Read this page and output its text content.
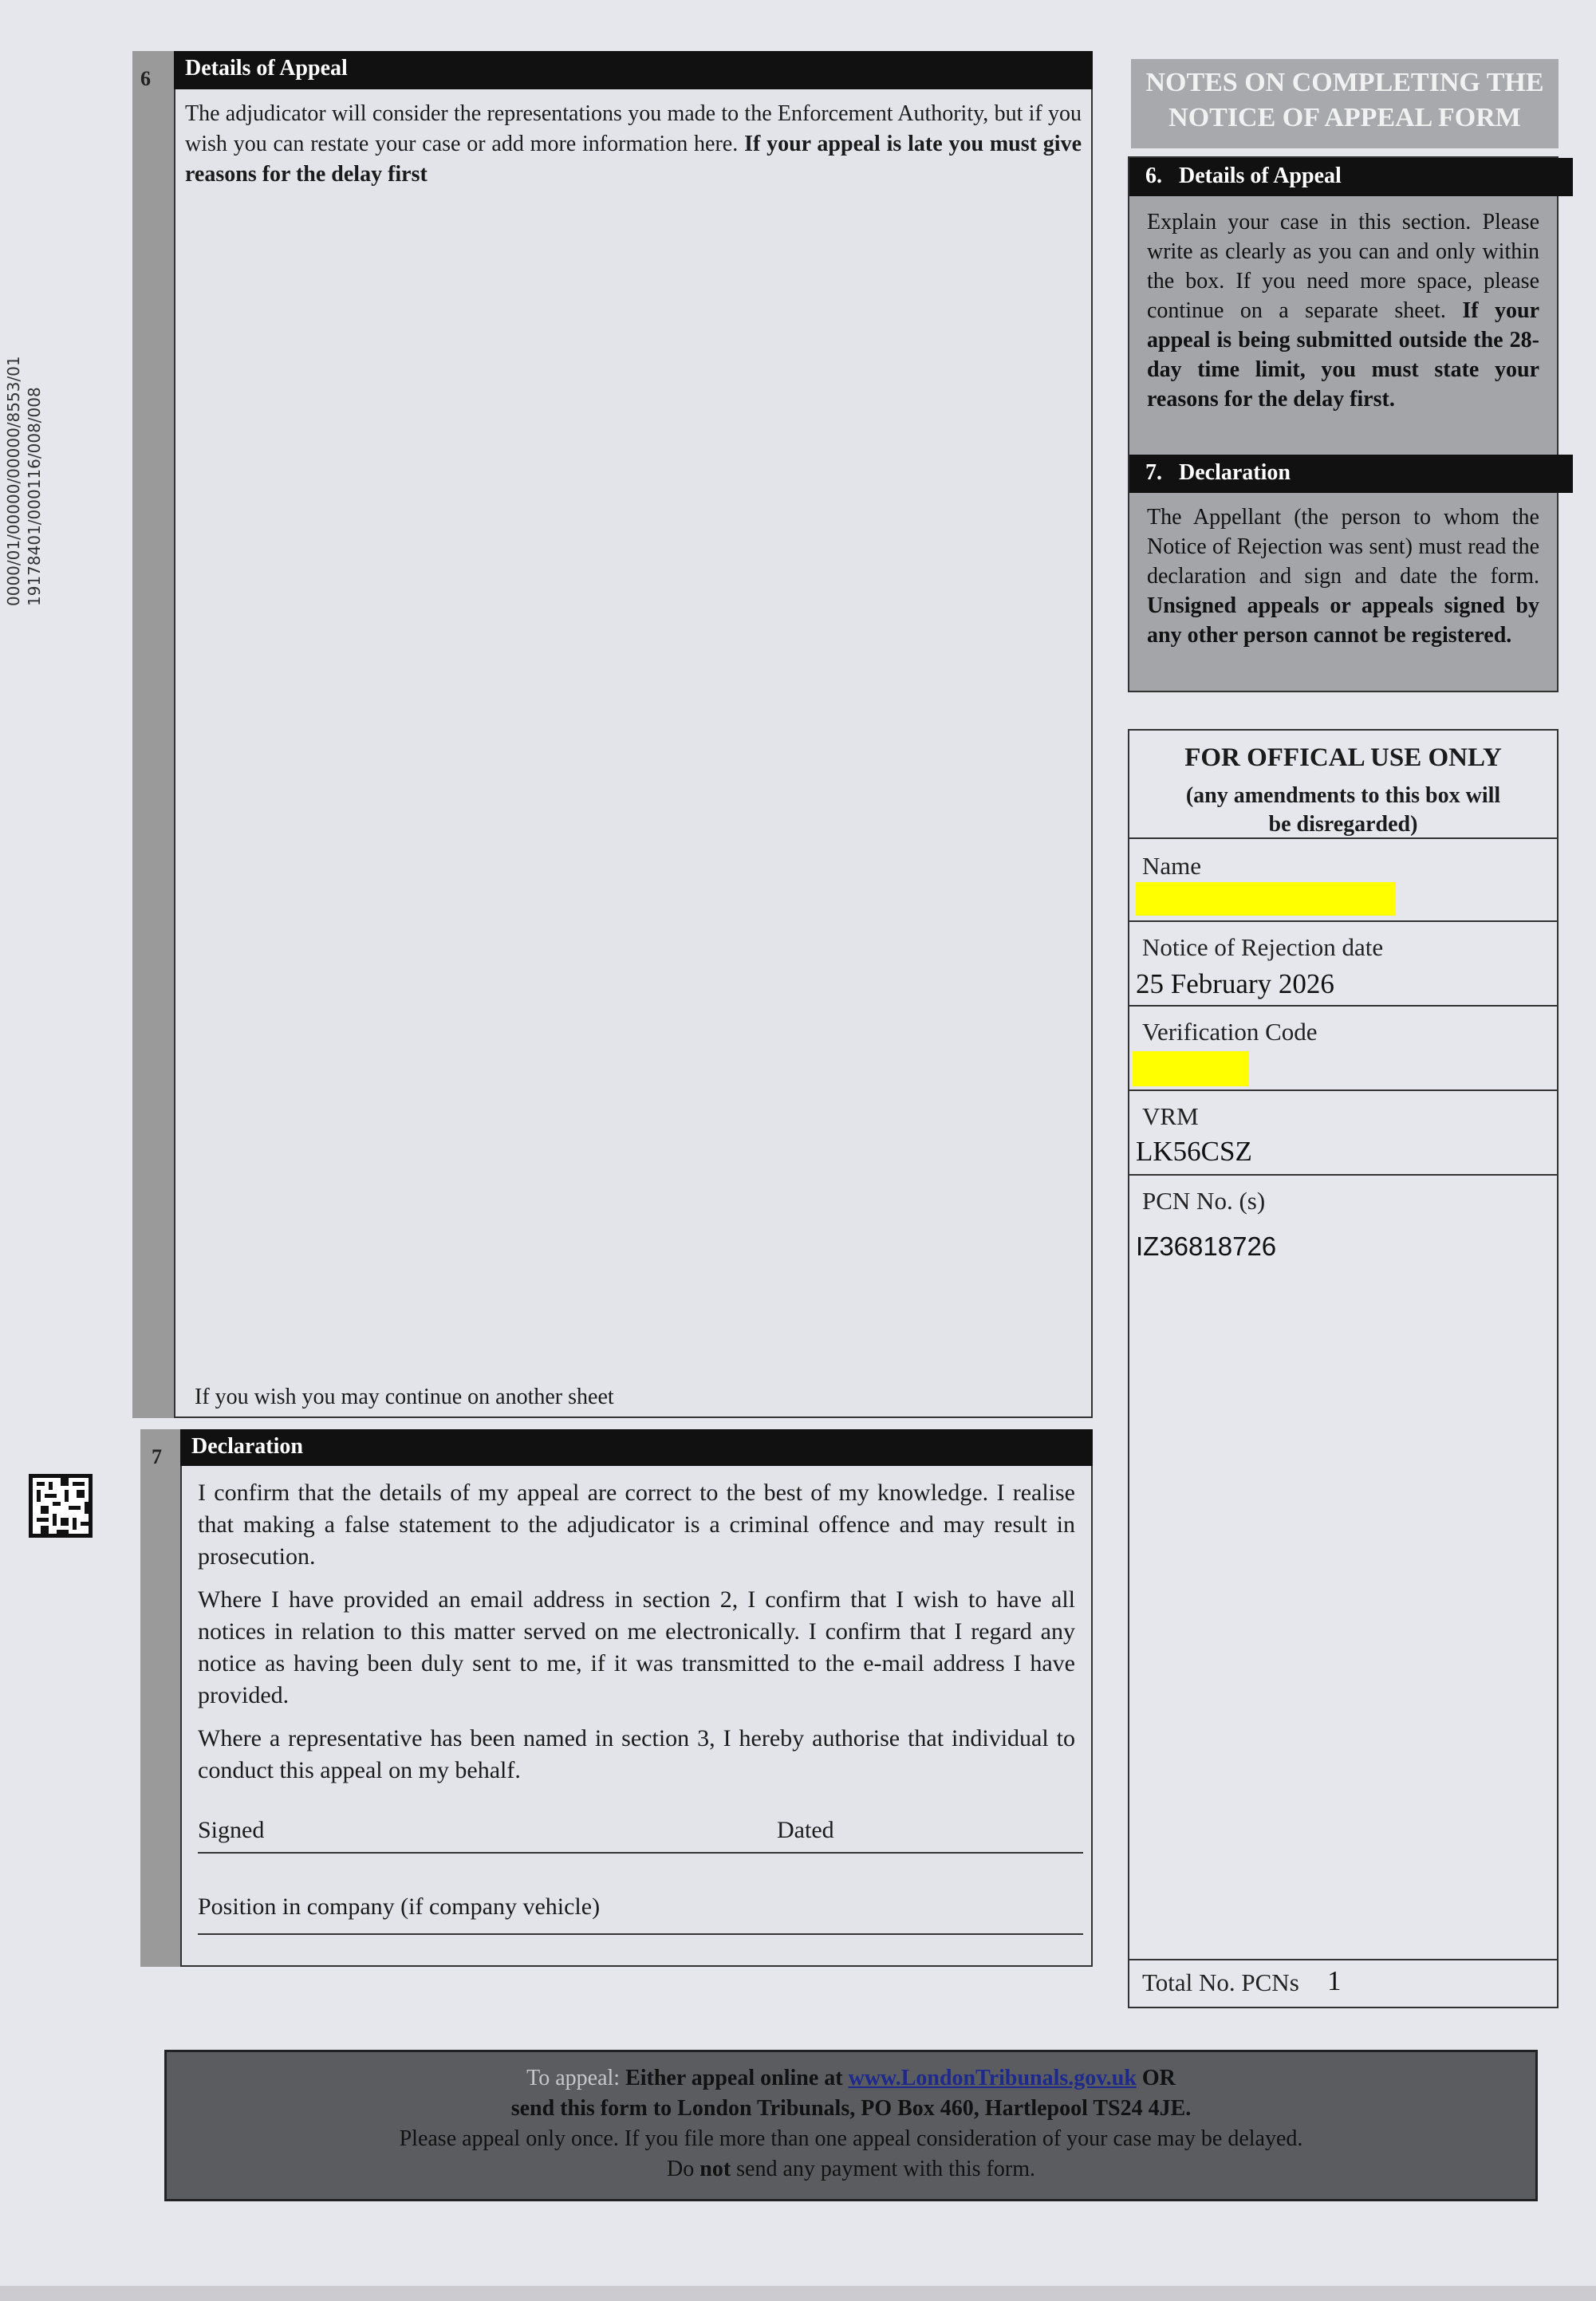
0000/01/00000/00000/8553/01 19178401/000116/008/008
6	Details of Appeal
The adjudicator will consider the representations you made to the Enforcement Authority, but if you wish you can restate your case or add more information here. If your appeal is late you must give reasons for the delay first
If you wish you may continue on another sheet
7	Declaration

I confirm that the details of my appeal are correct to the best of my knowledge. I realise that making a false statement to the adjudicator is a criminal offence and may result in prosecution.

Where I have provided an email address in section 2, I confirm that I wish to have all notices in relation to this matter served on me electronically. I confirm that I regard any notice as having been duly sent to me, if it was transmitted to the e-mail address I have provided.

Where a representative has been named in section 3, I hereby authorise that individual to conduct this appeal on my behalf.

Signed	Dated
Position in company (if company vehicle)
NOTES ON COMPLETING THE
NOTICE OF APPEAL FORM
6.   Details of Appeal
Explain your case in this section. Please write as clearly as you can and only within the box. If you need more space, please continue on a separate sheet. If your appeal is being submitted outside the 28-day time limit, you must state your reasons for the delay first.
7.   Declaration
The Appellant (the person to whom the Notice of Rejection was sent) must read the declaration and sign and date the form. Unsigned appeals or appeals signed by any other person cannot be registered.
FOR OFFICAL USE ONLY
(any amendments to this box will be disregarded)
Name
Notice of Rejection date
25 February 2026
Verification Code
VRM
LK56CSZ
PCN No. (s)
IZ36818726
Total No. PCNs 1
To appeal: Either appeal online at www.LondonTribunals.gov.uk OR
send this form to London Tribunals, PO Box 460, Hartlepool TS24 4JE.
Please appeal only once. If you file more than one appeal consideration of your case may be delayed.
Do not send any payment with this form.
